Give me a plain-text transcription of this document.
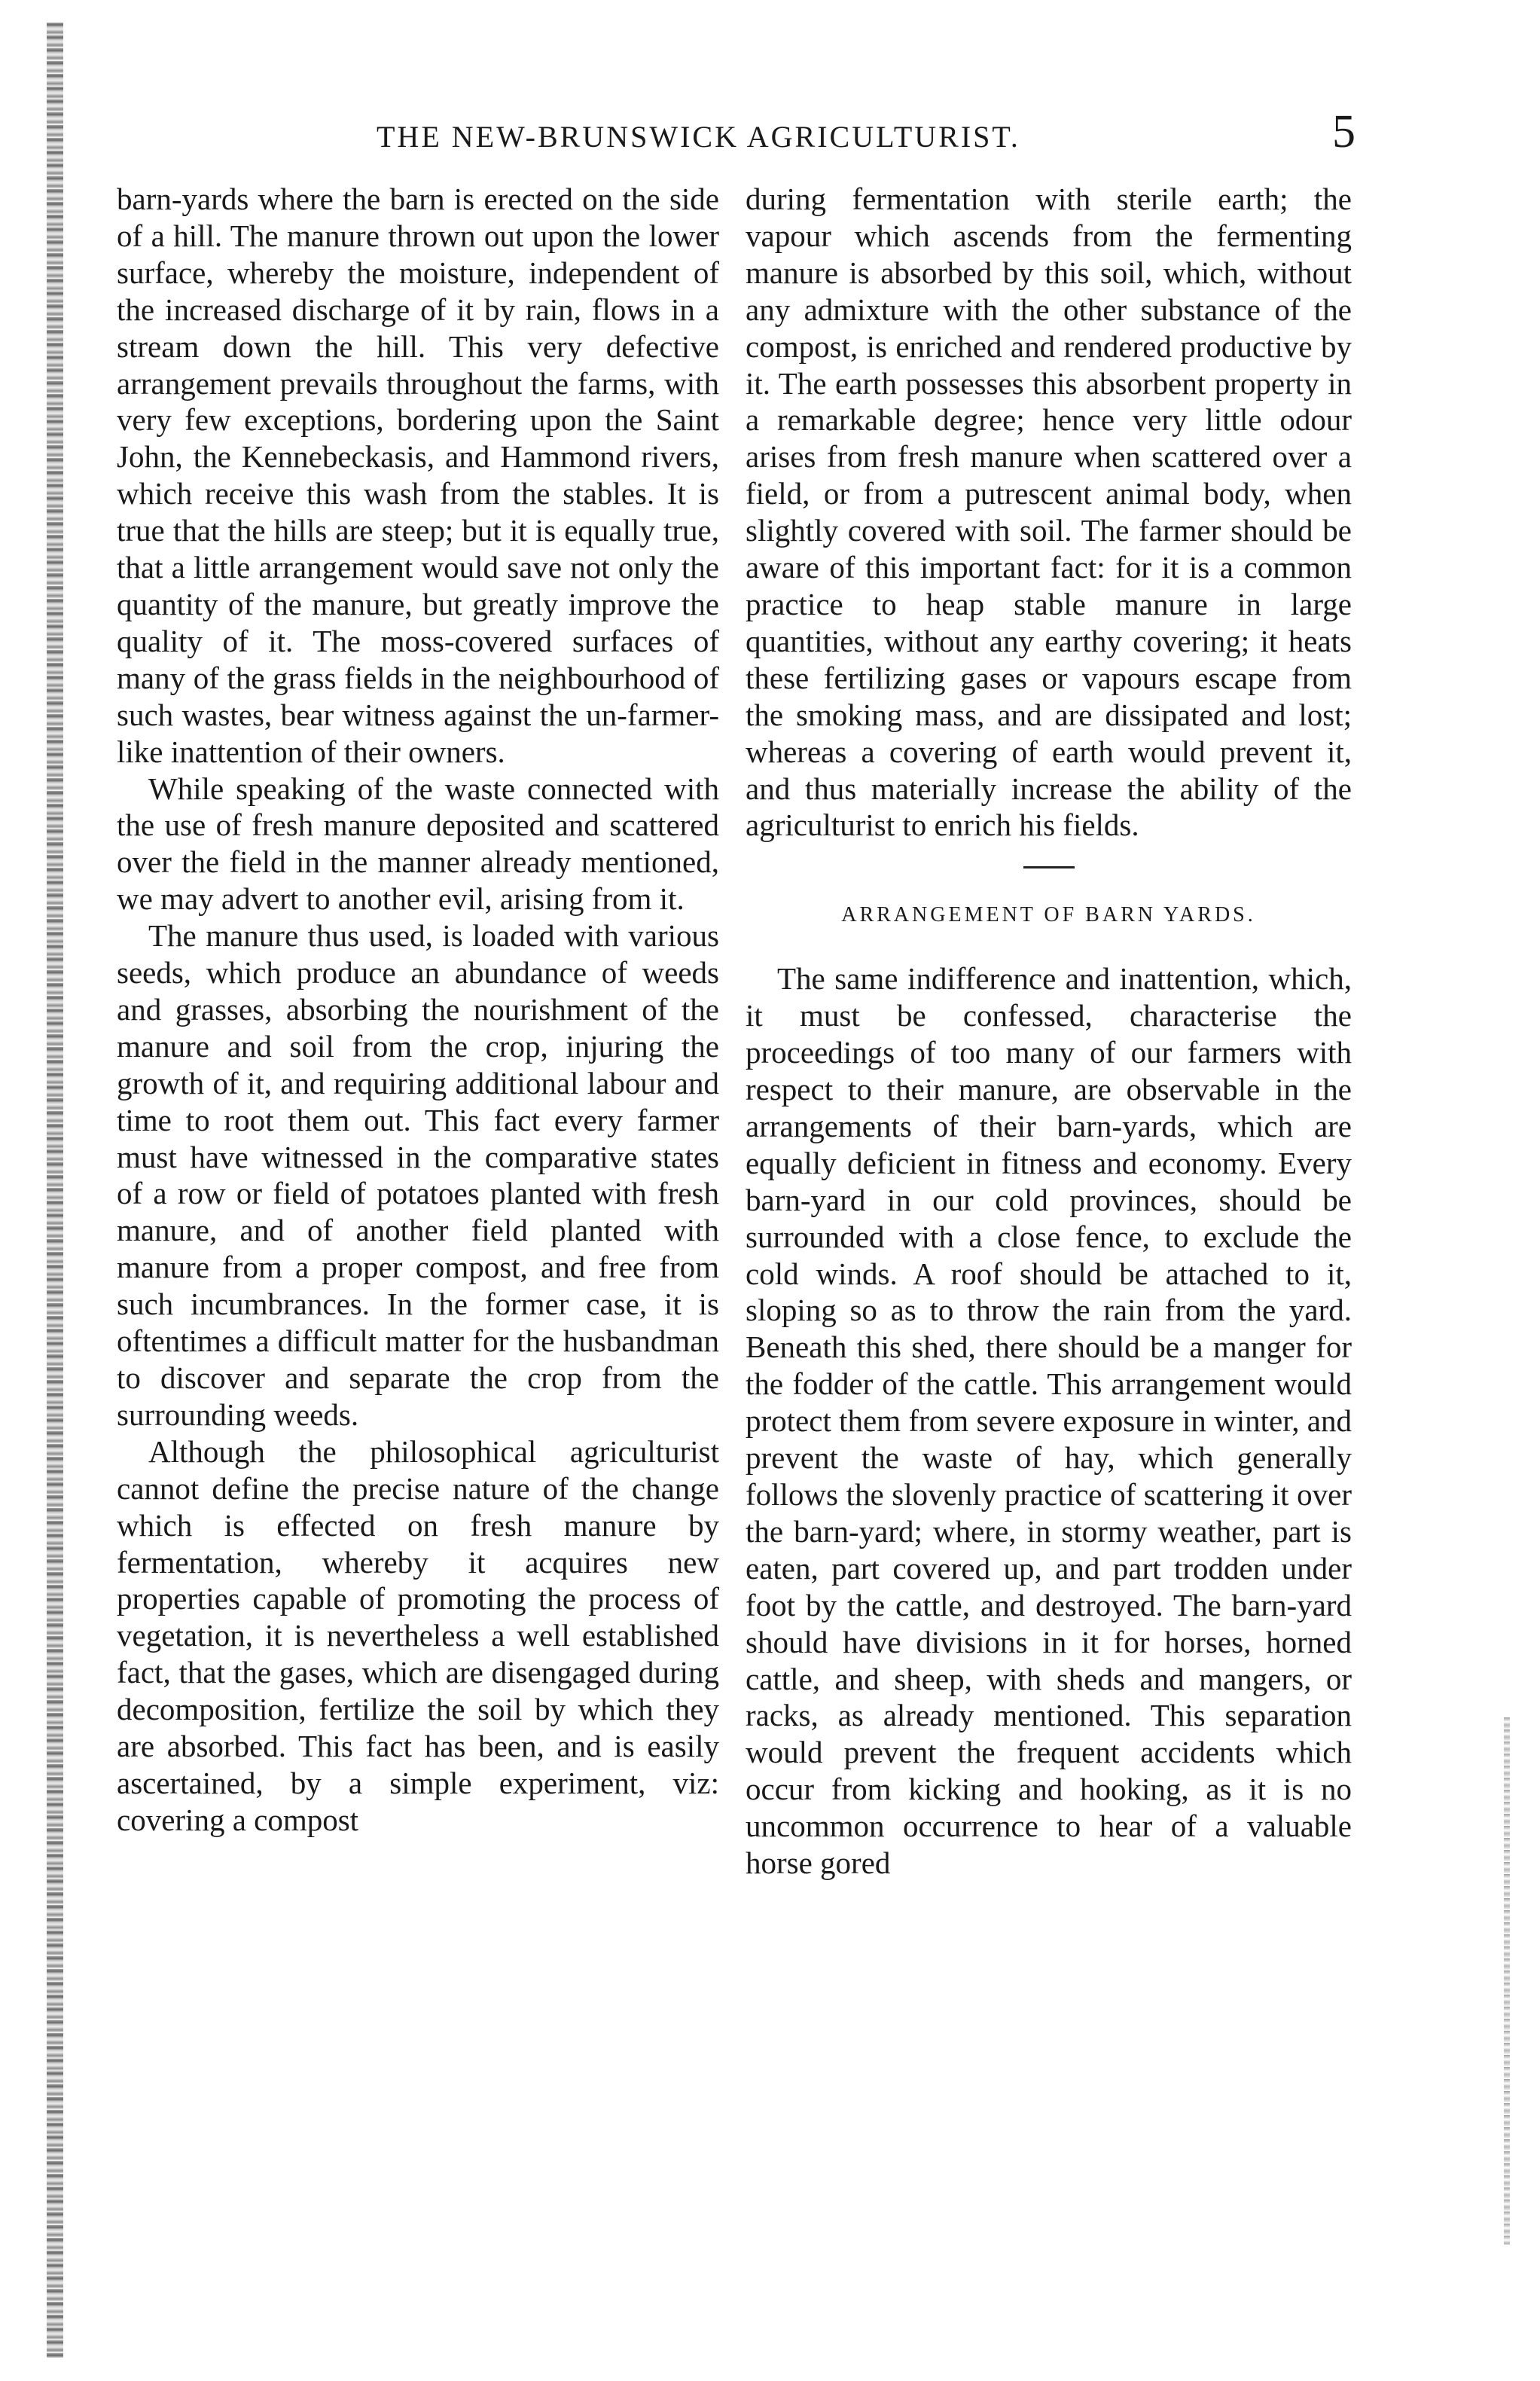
THE NEW-BRUNSWICK AGRICULTURIST.	5

barn-yards where the barn is erected on the side of a hill. The manure thrown out upon the lower surface, whereby the moisture, independent of the increased discharge of it by rain, flows in a stream down the hill. This very defective arrangement prevails throughout the farms, with very few exceptions, bordering upon the Saint John, the Kennebeckasis, and Hammond rivers, which receive this wash from the stables. It is true that the hills are steep; but it is equally true, that a little arrangement would save not only the quantity of the manure, but greatly improve the quality of it. The moss-covered surfaces of many of the grass fields in the neighbourhood of such wastes, bear witness against the un-farmer-like inattention of their owners.

While speaking of the waste connected with the use of fresh manure deposited and scattered over the field in the manner already mentioned, we may advert to another evil, arising from it.

The manure thus used, is loaded with various seeds, which produce an abundance of weeds and grasses, absorbing the nourishment of the manure and soil from the crop, injuring the growth of it, and requiring additional labour and time to root them out. This fact every farmer must have witnessed in the comparative states of a row or field of potatoes planted with fresh manure, and of another field planted with manure from a proper compost, and free from such incumbrances. In the former case, it is oftentimes a difficult matter for the husbandman to discover and separate the crop from the surrounding weeds.

Although the philosophical agriculturist cannot define the precise nature of the change which is effected on fresh manure by fermentation, whereby it acquires new properties capable of promoting the process of vegetation, it is nevertheless a well established fact, that the gases, which are disengaged during decomposition, fertilize the soil by which they are absorbed. This fact has been, and is easily ascertained, by a simple experiment, viz: covering a compost

during fermentation with sterile earth; the vapour which ascends from the fermenting manure is absorbed by this soil, which, without any admixture with the other substance of the compost, is enriched and rendered productive by it. The earth possesses this absorbent property in a remarkable degree; hence very little odour arises from fresh manure when scattered over a field, or from a putrescent animal body, when slightly covered with soil. The farmer should be aware of this important fact: for it is a common practice to heap stable manure in large quantities, without any earthy covering; it heats these fertilizing gases or vapours escape from the smoking mass, and are dissipated and lost; whereas a covering of earth would prevent it, and thus materially increase the ability of the agriculturist to enrich his fields.

ARRANGEMENT OF BARN YARDS.

The same indifference and inattention, which, it must be confessed, characterise the proceedings of too many of our farmers with respect to their manure, are observable in the arrangements of their barn-yards, which are equally deficient in fitness and economy. Every barn-yard in our cold provinces, should be surrounded with a close fence, to exclude the cold winds. A roof should be attached to it, sloping so as to throw the rain from the yard. Beneath this shed, there should be a manger for the fodder of the cattle. This arrangement would protect them from severe exposure in winter, and prevent the waste of hay, which generally follows the slovenly practice of scattering it over the barn-yard; where, in stormy weather, part is eaten, part covered up, and part trodden under foot by the cattle, and destroyed. The barn-yard should have divisions in it for horses, horned cattle, and sheep, with sheds and mangers, or racks, as already mentioned. This separation would prevent the frequent accidents which occur from kicking and hooking, as it is no uncommon occurrence to hear of a valuable horse gored
